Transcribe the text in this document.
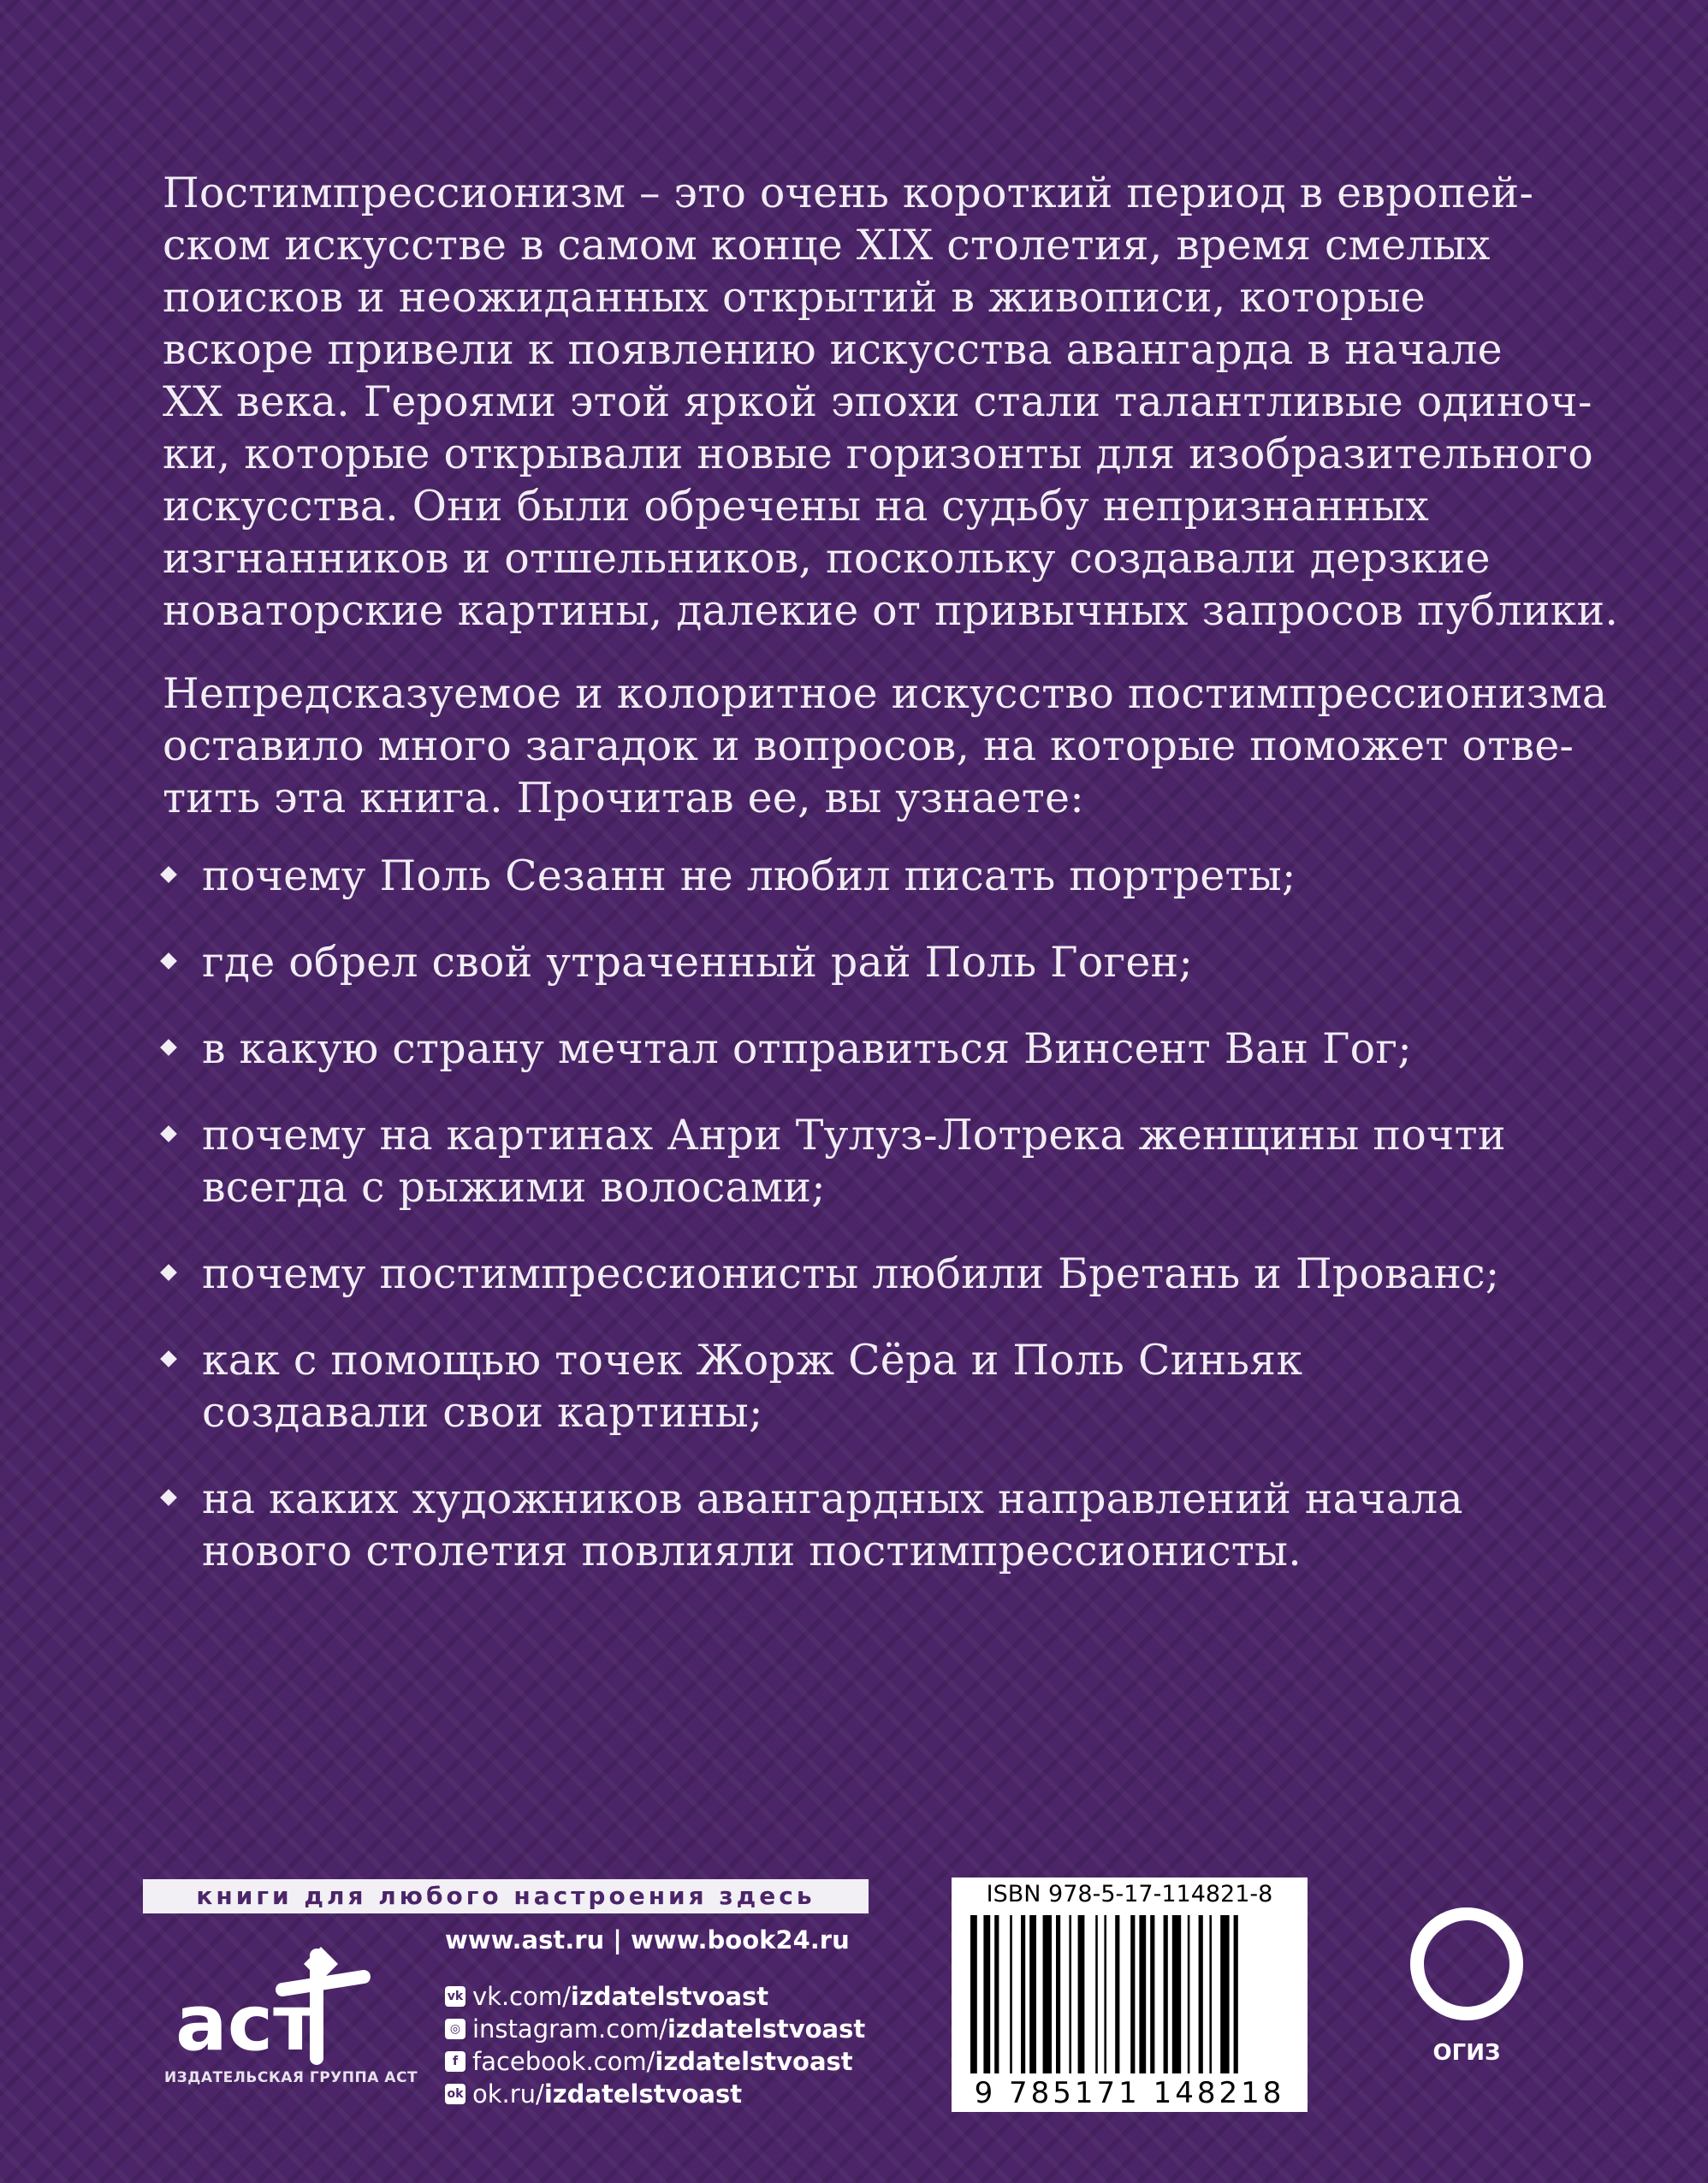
Постимпрессионизм – это очень короткий период в европей-
ском искусстве в самом конце XIX столетия, время смелых
поисков и неожиданных открытий в живописи, которые
вскоре привели к появлению искусства авангарда в начале
XX века. Героями этой яркой эпохи стали талантливые одиноч-
ки, которые открывали новые горизонты для изобразительного
искусства. Они были обречены на судьбу непризнанных
изгнанников и отшельников, поскольку создавали дерзкие
новаторские картины, далекие от привычных запросов публики.

Непредсказуемое и колоритное искусство постимпрессионизма
оставило много загадок и вопросов, на которые поможет отве-
тить эта книга. Прочитав ее, вы узнаете:

почему Поль Сезанн не любил писать портреты;
где обрел свой утраченный рай Поль Гоген;
в какую страну мечтал отправиться Винсент Ван Гог;
почему на картинах Анри Тулуз-Лотрека женщины почти
всегда с рыжими волосами;
почему постимпрессионисты любили Бретань и Прованс;
как с помощью точек Жорж Сёра и Поль Синьяк
создавали свои картины;
на каких художников авангардных направлений начала
нового столетия повлияли постимпрессионисты.
книги для любого настроения здесь
аст
ИЗДАТЕЛЬСКАЯ ГРУППА АСТ
www.ast.ru | www.book24.ru
vk vk.com/ izdatelstvoast
◎ instagram.com/ izdatelstvoast
f facebook.com/ izdatelstvoast
ok ok.ru/ izdatelstvoast
ISBN 978-5-17-114821-8
9 785171 148218
ОГИЗ
